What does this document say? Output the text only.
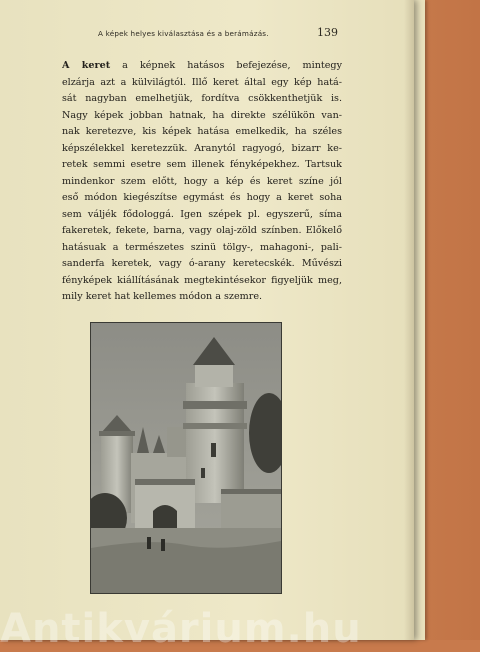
A képek helyes kiválasztása és a berámázás.	139
A keret a képnek hatásos befejezése, mintegy
elzárja azt a külvilágtól. Illő keret által egy kép hatá-
sát nagyban emelhetjük, fordítva csökkenthetjük is.
Nagy képek jobban hatnak, ha direkte szélükön van-
nak keretezve, kis képek hatása emelkedik, ha széles
képszélekkel keretezzük. Aranytól ragyogó, bizarr ke-
retek semmi esetre sem illenek fényképekhez. Tartsuk
mindenkor szem előtt, hogy a kép és keret színe jól
eső módon kiegészítse egymást és hogy a keret soha
sem váljék fődologgá. Igen szépek pl. egyszerű, síma
fakeretek, fekete, barna, vagy olaj-zöld színben. Előkelő
hatásuak a természetes szinü tölgy-, mahagoni-, pali-
sanderfa keretek, vagy ó-arany keretecskék. Művészi
fényképek kiállításának megtekintésekor figyeljük meg,
mily keret hat kellemes módon a szemre.
Antikvárium.hu
